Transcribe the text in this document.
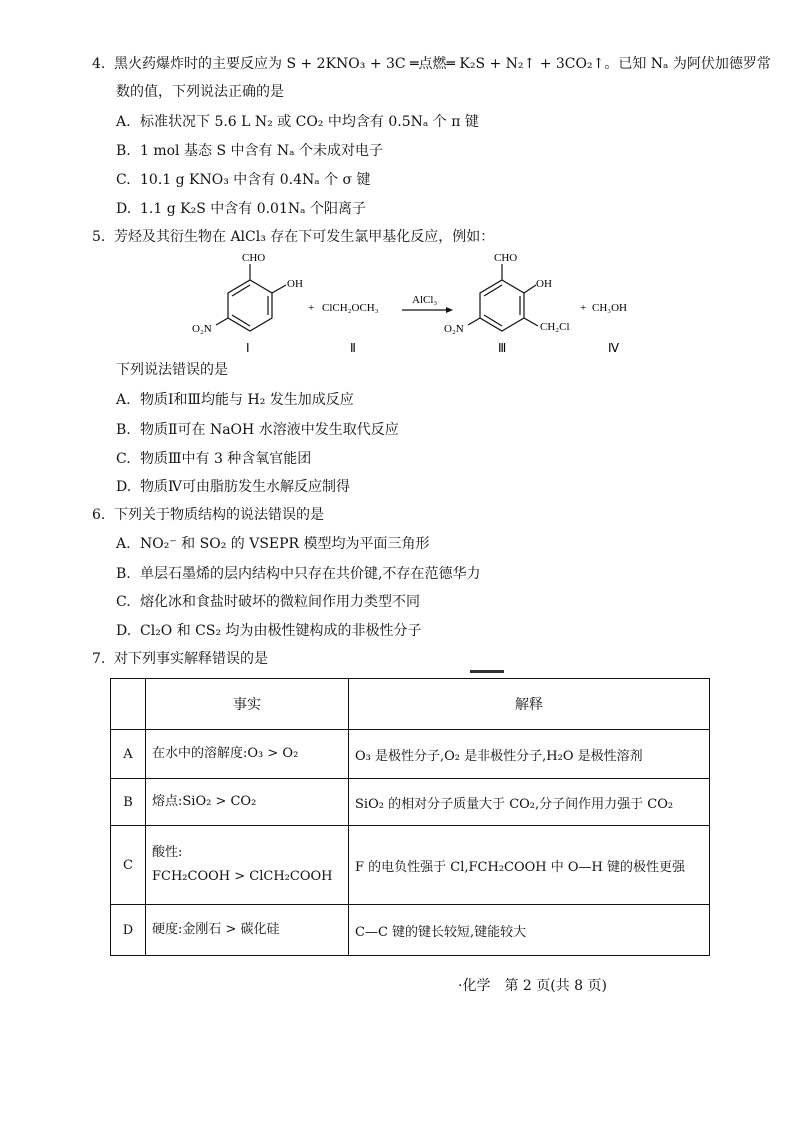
4. 黑火药爆炸时的主要反应为 S + 2KNO₃ + 3C ═点燃═ K₂S + N₂↑ + 3CO₂↑。已知 Nₐ 为阿伏加德罗常
数的值，下列说法正确的是
A. 标准状况下 5.6 L N₂ 或 CO₂ 中均含有 0.5Nₐ 个 π 键
B. 1 mol 基态 S 中含有 Nₐ 个未成对电子
C. 10.1 g KNO₃ 中含有 0.4Nₐ 个 σ 键
D. 1.1 g K₂S 中含有 0.01Nₐ 个阳离子
5. 芳烃及其衍生物在 AlCl₃ 存在下可发生氯甲基化反应，例如：
CHO
OH
O₂N
Ⅰ
+ ClCH₂OCH₃
Ⅱ
AlCl₃
CHO
OH
CH₂Cl
O₂N
Ⅲ
+ CH₃OH
Ⅳ
下列说法错误的是
A. 物质Ⅰ和Ⅲ均能与 H₂ 发生加成反应
B. 物质Ⅱ可在 NaOH 水溶液中发生取代反应
C. 物质Ⅲ中有 3 种含氧官能团
D. 物质Ⅳ可由脂肪发生水解反应制得
6. 下列关于物质结构的说法错误的是
A. NO₂⁻ 和 SO₂ 的 VSEPR 模型均为平面三角形
B. 单层石墨烯的层内结构中只存在共价键,不存在范德华力
C. 熔化冰和食盐时破坏的微粒间作用力类型不同
D. Cl₂O 和 CS₂ 均为由极性键构成的非极性分子
7. 对下列事实解释错误的是
	事实	解释
A	在水中的溶解度:O₃ > O₂	O₃ 是极性分子,O₂ 是非极性分子,H₂O 是极性溶剂
B	熔点:SiO₂ > CO₂	SiO₂ 的相对分子质量大于 CO₂,分子间作用力强于 CO₂
C	酸性:
FCH₂COOH > ClCH₂COOH	F 的电负性强于 Cl,FCH₂COOH 中 O—H 键的极性更强
D	硬度:金刚石 > 碳化硅	C—C 键的键长较短,键能较大
·化学　第 2 页(共 8 页)
